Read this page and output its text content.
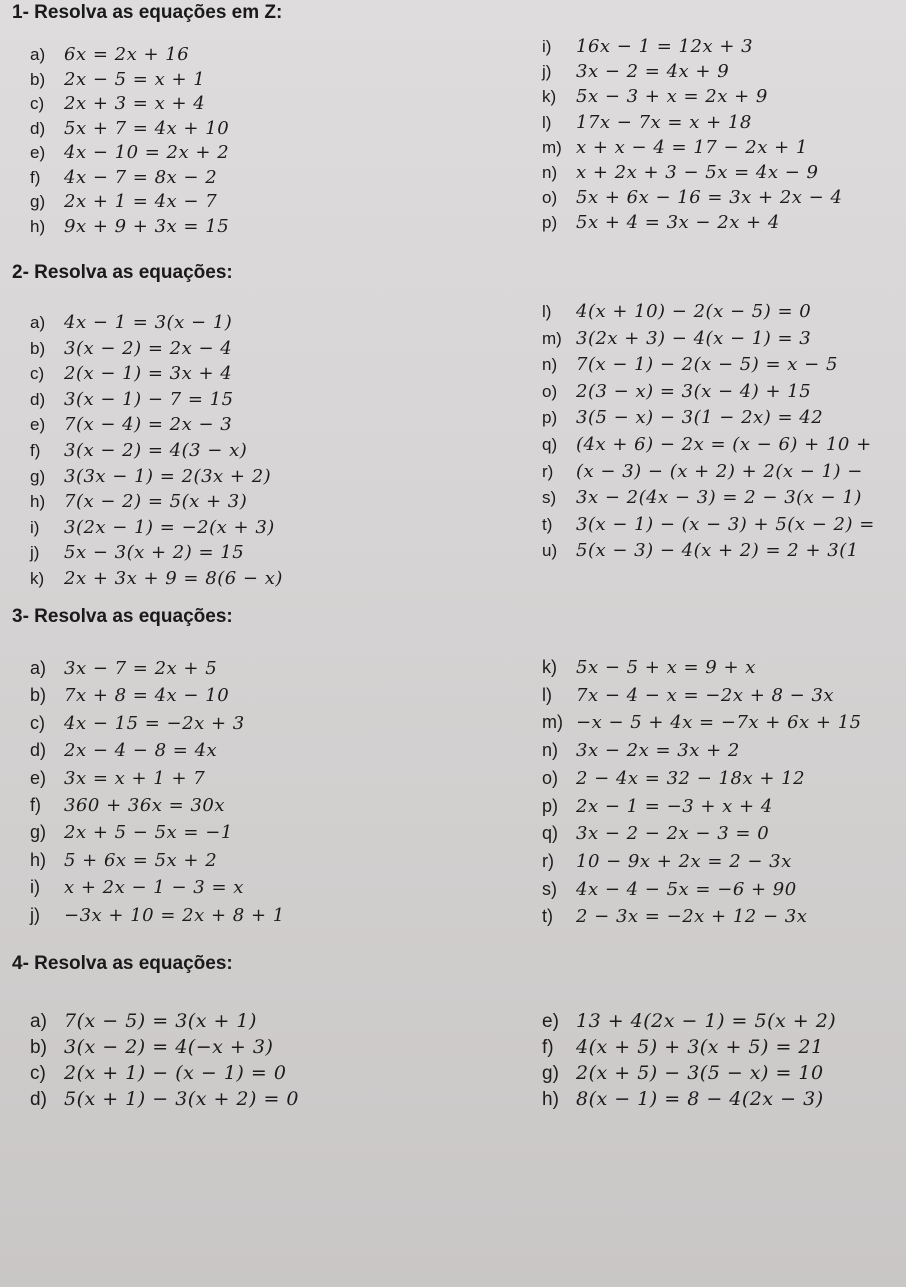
1- Resolva as equações em Z:
a)	6x = 2x + 16
b)	2x − 5 = x + 1
c)	2x + 3 = x + 4
d)	5x + 7 = 4x + 10
e)	4x − 10 = 2x + 2
f)	4x − 7 = 8x − 2
g)	2x + 1 = 4x − 7
h)	9x + 9 + 3x = 15
i)	16x − 1 = 12x + 3
j)	3x − 2 = 4x + 9
k)	5x − 3 + x = 2x + 9
l)	17x − 7x = x + 18
m) x + x − 4 = 17 − 2x + 1
n)	x + 2x + 3 − 5x = 4x − 9
o)	5x + 6x − 16 = 3x + 2x − 4
p)	5x + 4 = 3x − 2x + 4
2- Resolva as equações:
a)	4x − 1 = 3(x − 1)
b)	3(x − 2) = 2x − 4
c)	2(x − 1) = 3x + 4
d)	3(x − 1) − 7 = 15
e)	7(x − 4) = 2x − 3
f)	3(x − 2) = 4(3 − x)
g)	3(3x − 1) = 2(3x + 2)
h)	7(x − 2) = 5(x + 3)
i)	3(2x − 1) = −2(x + 3)
j)	5x − 3(x + 2) = 15
k)	2x + 3x + 9 = 8(6 − x)
l)	4(x + 10) − 2(x − 5) = 0
m) 3(2x + 3) − 4(x − 1) = 3
n)	7(x − 1) − 2(x − 5) = x − 5
o)	2(3 − x) = 3(x − 4) + 15
p)	3(5 − x) − 3(1 − 2x) = 42
q)	(4x + 6) − 2x = (x − 6) + 10 +
r)	(x − 3) − (x + 2) + 2(x − 1) −
s)	3x − 2(4x − 3) = 2 − 3(x − 1)
t)	3(x − 1) − (x − 3) + 5(x − 2) =
u)	5(x − 3) − 4(x + 2) = 2 + 3(1
3- Resolva as equações:
a) 3x − 7 = 2x + 5
b) 7x + 8 = 4x − 10
c)	4x − 15 = −2x + 3
d) 2x − 4 − 8 = 4x
e) 3x = x + 1 + 7
f)	360 + 36x = 30x
g) 2x + 5 − 5x = −1
h) 5 + 6x = 5x + 2
i)	x + 2x − 1 − 3 = x
j)	−3x + 10 = 2x + 8 + 1
k)	5x − 5 + x = 9 + x
l)	7x − 4 − x = −2x + 8 − 3x
m) −x − 5 + 4x = −7x + 6x + 15
n) 3x − 2x = 3x + 2
o) 2 − 4x = 32 − 18x + 12
p) 2x − 1 = −3 + x + 4
q) 3x − 2 − 2x − 3 = 0
r)	10 − 9x + 2x = 2 − 3x
s)	4x − 4 − 5x = −6 + 90
t)	2 − 3x = −2x + 12 − 3x
4- Resolva as equações:
a) 7(x − 5) = 3(x + 1)
b) 3(x − 2) = 4(−x + 3)
c) 2(x + 1) − (x − 1) = 0
d) 5(x + 1) − 3(x + 2) = 0
e) 13 + 4(2x − 1) = 5(x + 2)
f)	4(x + 5) + 3(x + 5) = 21
g) 2(x + 5) − 3(5 − x) = 10
h) 8(x − 1) = 8 − 4(2x − 3)
